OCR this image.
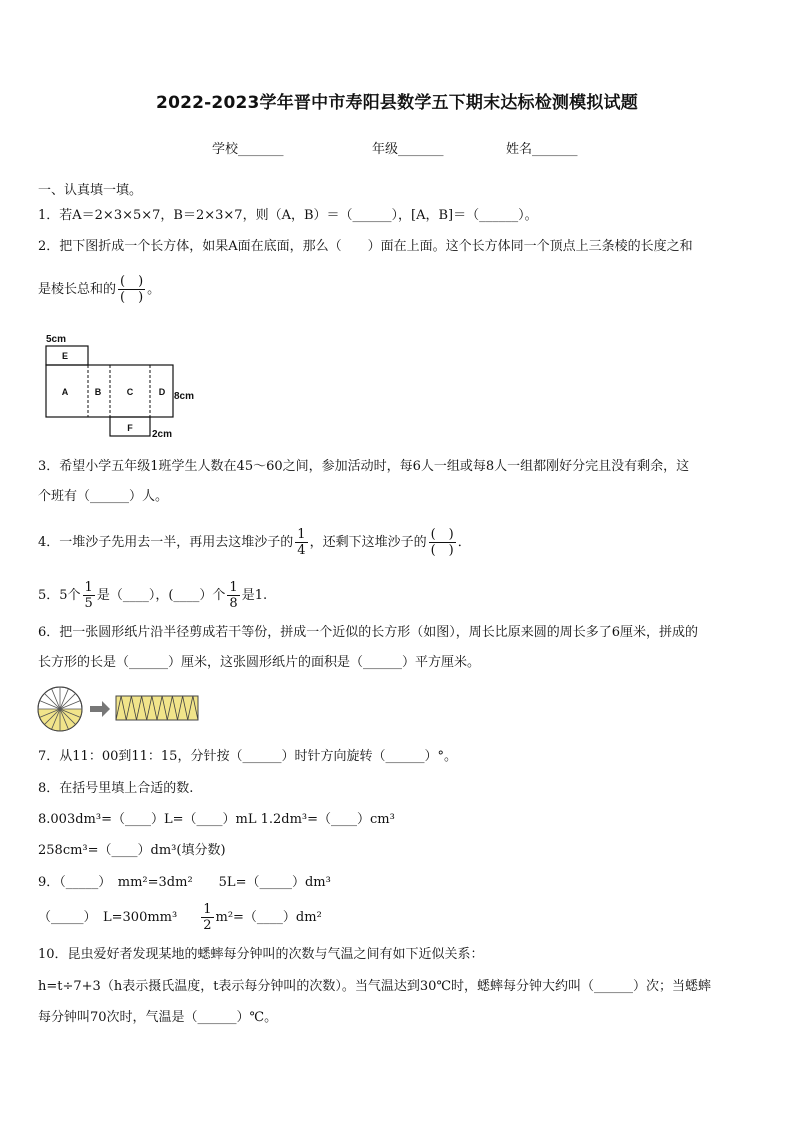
2022-2023学年晋中市寿阳县数学五下期末达标检测模拟试题
学校_______	年级_______	姓名_______
一、认真填一填。
1．若A＝2×3×5×7，B＝2×3×7，则（A，B）＝（______），[A，B]＝（______）。
2．把下图折成一个长方体，如果A面在底面，那么（　　）面在上面。这个长方体同一个顶点上三条棱的长度之和
是棱长总和的 $\frac{( )}{( )}$ 。
5cm
8cm
2cm
E
A	B	C	D
F
3．希望小学五年级1班学生人数在45～60之间，参加活动时，每6人一组或每8人一组都刚好分完且没有剩余，这
个班有（______）人。
4．一堆沙子先用去一半，再用去这堆沙子的 $\frac{1}{4}$ ，还剩下这堆沙子的 $\frac{( )}{( )}$ ．
5．5个 $\frac{1}{5}$ 是（____），(____）个 $\frac{1}{8}$ 是1.
6．把一张圆形纸片沿半径剪成若干等份，拼成一个近似的长方形（如图），周长比原来圆的周长多了6厘米，拼成的
长方形的长是（______）厘米，这张圆形纸片的面积是（______）平方厘米。
7．从11：00到11：15，分针按（______）时针方向旋转（______）°。
8．在括号里填上合适的数.
8.003dm³=（____）L=（____）mL 1.2dm³=（____）cm³
258cm³=（____）dm³(填分数)
9．（_____）　mm²=3dm²　　5L=（_____）dm³
（_____）　$L=300mm^3 \frac{1}{2}$ m²=（____）dm²
10．昆虫爱好者发现某地的蟋蟀每分钟叫的次数与气温之间有如下近似关系：
h=t÷7+3（h表示摄氏温度，t表示每分钟叫的次数）。当气温达到30℃时，蟋蟀每分钟大约叫（______）次；当蟋蟀
每分钟叫70次时，气温是（______）℃。
